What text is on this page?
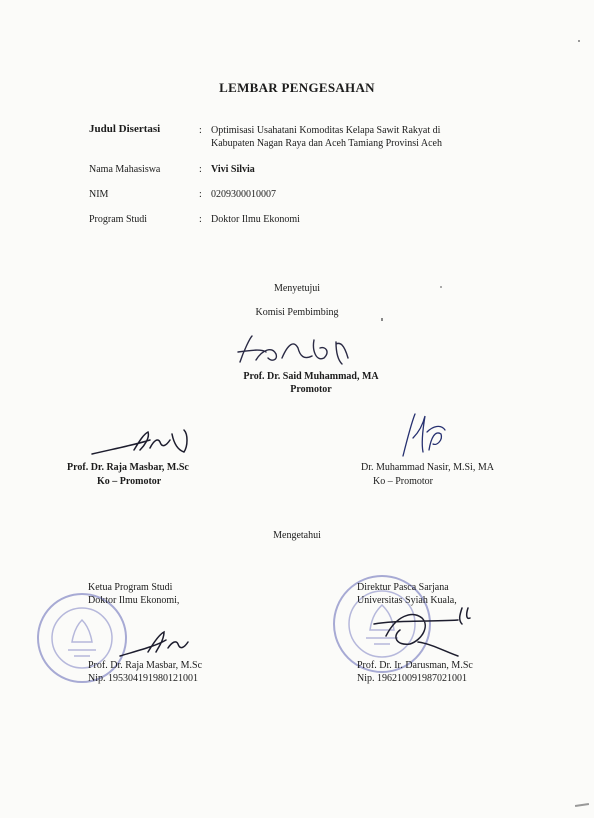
LEMBAR PENGESAHAN
Judul Disertasi	: Optimisasi Usahatani Komoditas Kelapa Sawit Rakyat di
Kabupaten Nagan Raya dan Aceh Tamiang Provinsi Aceh
Nama Mahasiswa	: Vivi Silvia
NIM	: 0209300010007
Program Studi	: Doktor Ilmu Ekonomi
Menyetujui
Komisi Pembimbing
Prof. Dr. Said Muhammad, MA
Promotor
Prof. Dr. Raja Masbar, M.Sc
Ko – Promotor
Dr. Muhammad Nasir, M.Si, MA
Ko – Promotor
Mengetahui
Ketua Program Studi
Doktor Ilmu Ekonomi,
Direktur Pasca Sarjana
Universitas Syiah Kuala,
Prof. Dr. Raja Masbar, M.Sc
Nip. 195304191980121001
Prof. Dr. Ir. Darusman, M.Sc
Nip. 196210091987021001
